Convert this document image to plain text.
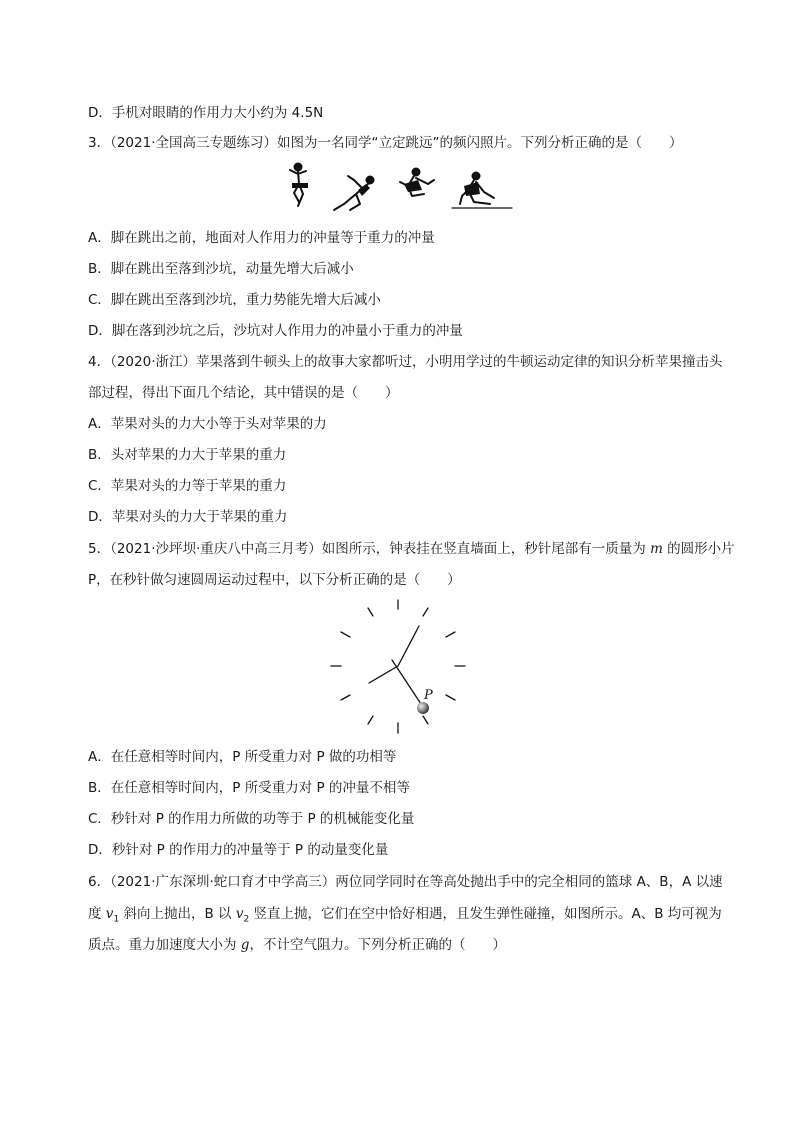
D．手机对眼睛的作用力大小约为 4.5N
3．（2021·全国高三专题练习）如图为一名同学“立定跳远”的频闪照片。下列分析正确的是（　　）
A．脚在跳出之前，地面对人作用力的冲量等于重力的冲量
B．脚在跳出至落到沙坑，动量先增大后减小
C．脚在跳出至落到沙坑，重力势能先增大后减小
D．脚在落到沙坑之后，沙坑对人作用力的冲量小于重力的冲量
4．（2020·浙江）苹果落到牛顿头上的故事大家都听过，小明用学过的牛顿运动定律的知识分析苹果撞击头
部过程，得出下面几个结论，其中错误的是（　　）
A．苹果对头的力大小等于头对苹果的力
B．头对苹果的力大于苹果的重力
C．苹果对头的力等于苹果的重力
D．苹果对头的力大于苹果的重力
5．（2021·沙坪坝·重庆八中高三月考）如图所示，钟表挂在竖直墙面上，秒针尾部有一质量为 m 的圆形小片
P，在秒针做匀速圆周运动过程中，以下分析正确的是（　　）
P
A．在任意相等时间内，P 所受重力对 P 做的功相等
B．在任意相等时间内，P 所受重力对 P 的冲量不相等
C．秒针对 P 的作用力所做的功等于 P 的机械能变化量
D．秒针对 P 的作用力的冲量等于 P 的动量变化量
6．（2021·广东深圳·蛇口育才中学高三）两位同学同时在等高处抛出手中的完全相同的篮球 A、B，A 以速
度 $v_1$ 斜向上抛出，B 以 $v_2$ 竖直上抛，它们在空中恰好相遇，且发生弹性碰撞，如图所示。A、B 均可视为
质点。重力加速度大小为 g，不计空气阻力。下列分析正确的（　　）
